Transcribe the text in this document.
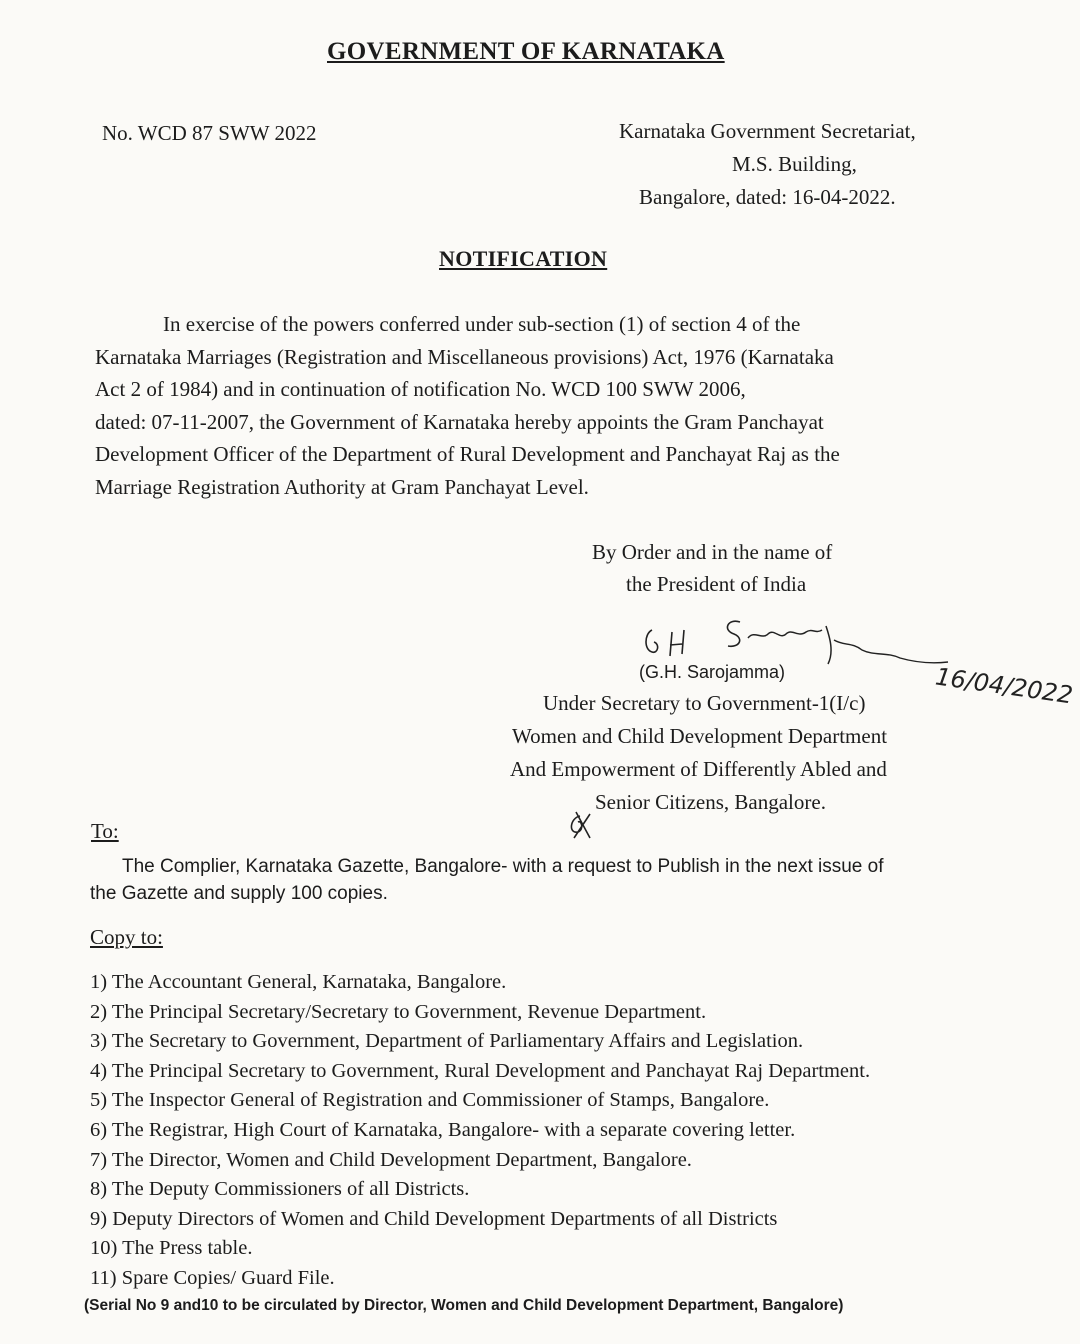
GOVERNMENT OF KARNATAKA
No. WCD 87 SWW 2022	Karnataka Government Secretariat,
M.S. Building,
Bangalore, dated: 16-04-2022.
NOTIFICATION
In exercise of the powers conferred under sub-section (1) of section 4 of the
Karnataka Marriages (Registration and Miscellaneous provisions) Act, 1976 (Karnataka
Act 2 of 1984) and in continuation of notification No. WCD 100 SWW 2006,
dated: 07-11-2007, the Government of Karnataka hereby appoints the Gram Panchayat
Development Officer of the Department of Rural Development and Panchayat Raj as the
Marriage Registration Authority at Gram Panchayat Level.
By Order and in the name of
the President of India
(G.H. Sarojamma)
Under Secretary to Government-1(I/c)
Women and Child Development Department
And Empowerment of Differently Abled and
Senior Citizens, Bangalore.
16/04/2022
To:
The Complier, Karnataka Gazette, Bangalore- with a request to Publish in the next issue of
the Gazette and supply 100 copies.
Copy to:
1) The Accountant General, Karnataka, Bangalore.
2) The Principal Secretary/Secretary to Government, Revenue Department.
3) The Secretary to Government, Department of Parliamentary Affairs and Legislation.
4) The Principal Secretary to Government, Rural Development and Panchayat Raj Department.
5) The Inspector General of Registration and Commissioner of Stamps, Bangalore.
6) The Registrar, High Court of Karnataka, Bangalore- with a separate covering letter.
7) The Director, Women and Child Development Department, Bangalore.
8) The Deputy Commissioners of all Districts.
9) Deputy Directors of Women and Child Development Departments of all Districts
10) The Press table.
11) Spare Copies/ Guard File.
(Serial No 9 and10 to be circulated by Director, Women and Child Development Department, Bangalore)
